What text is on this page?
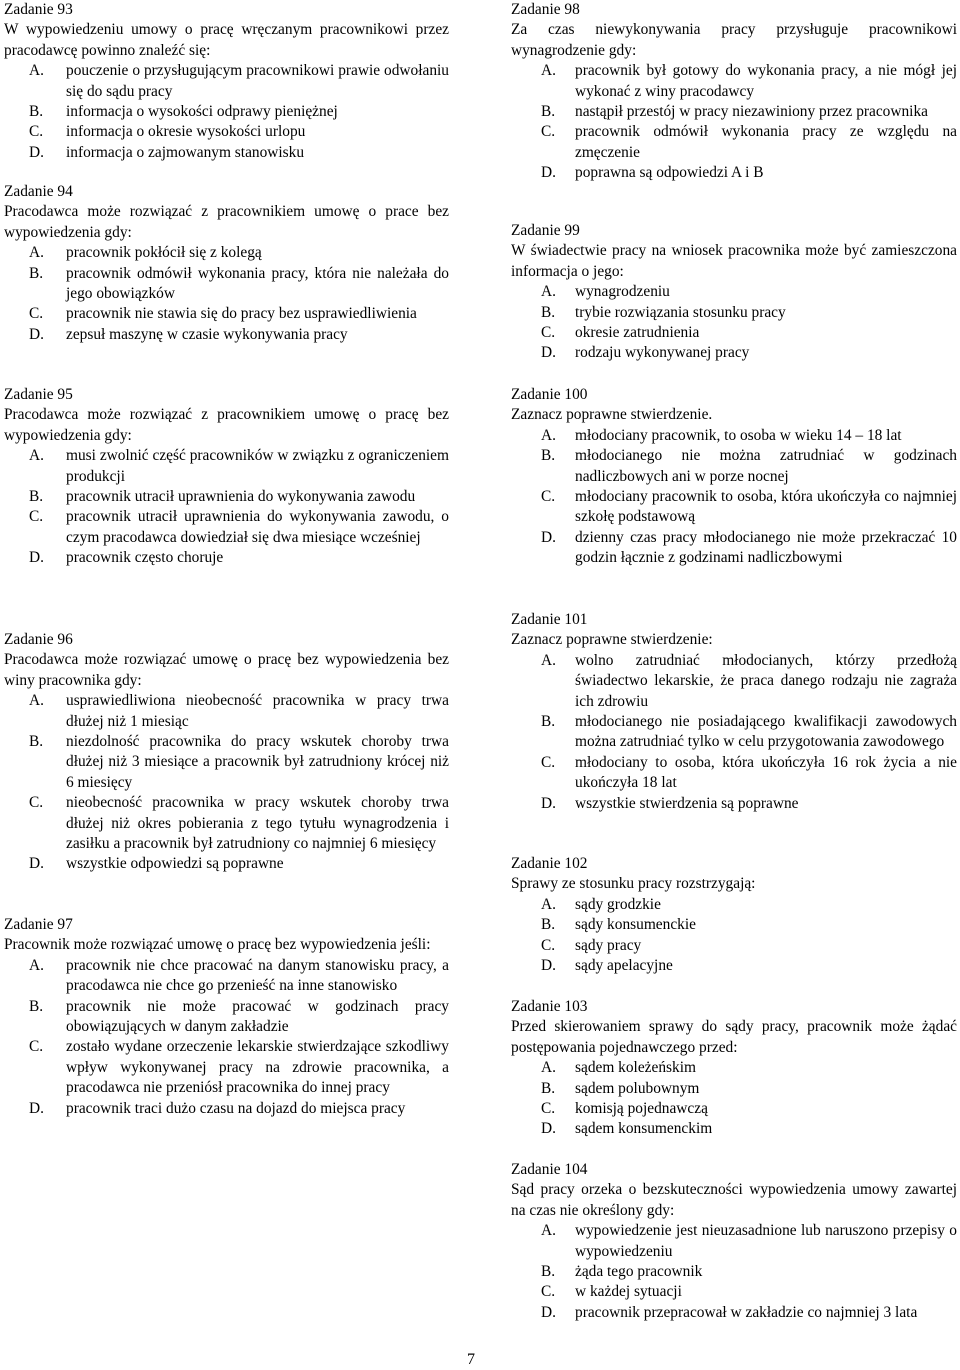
Zadanie 93
W wypowiedzeniu umowy o pracę wręczanym pracownikowi przez pracodawcę powinno znaleźć się:
A.	pouczenie o przysługującym pracownikowi prawie odwołaniu się do sądu pracy
B.	informacja o wysokości odprawy pieniężnej
C.	informacja o okresie wysokości urlopu
D.	informacja o zajmowanym stanowisku
Zadanie 94
Pracodawca może rozwiązać z pracownikiem umowę o prace bez wypowiedzenia gdy:
A.	pracownik pokłócił się z kolegą
B.	pracownik odmówił wykonania pracy, która nie należała do jego obowiązków
C.	pracownik nie stawia się do pracy bez usprawiedliwienia
D.	zepsuł maszynę w czasie wykonywania pracy
Zadanie 95
Pracodawca może rozwiązać z pracownikiem umowę o pracę bez wypowiedzenia gdy:
A.	musi zwolnić część pracowników w związku z ograniczeniem produkcji
B.	pracownik utracił uprawnienia do wykonywania zawodu
C.	pracownik utracił uprawnienia do wykonywania zawodu, o czym pracodawca dowiedział się dwa miesiące wcześniej
D.	pracownik często choruje
Zadanie 96
Pracodawca może rozwiązać umowę o pracę bez wypowiedzenia bez winy pracownika gdy:
A.	usprawiedliwiona nieobecność pracownika w pracy trwa dłużej niż 1 miesiąc
B.	niezdolność pracownika do pracy wskutek choroby trwa dłużej niż 3 miesiące a pracownik był zatrudniony krócej niż 6 miesięcy
C.	nieobecność pracownika w pracy wskutek choroby trwa dłużej niż okres pobierania z tego tytułu wynagrodzenia i zasiłku a pracownik był zatrudniony co najmniej 6 miesięcy
D.	wszystkie odpowiedzi są poprawne
Zadanie 97
Pracownik może rozwiązać umowę o pracę bez wypowiedzenia jeśli:
A.	pracownik nie chce pracować na danym stanowisku pracy, a pracodawca nie chce go przenieść na inne stanowisko
B.	pracownik nie może pracować w godzinach pracy obowiązujących w danym zakładzie
C.	zostało wydane orzeczenie lekarskie stwierdzające szkodliwy wpływ wykonywanej pracy na zdrowie pracownika, a pracodawca nie przeniósł pracownika do innej pracy
D.	pracownik traci dużo czasu na dojazd do miejsca pracy
Zadanie 98
Za czas niewykonywania pracy przysługuje pracownikowi wynagrodzenie gdy:
A.	pracownik był gotowy do wykonania pracy, a nie mógł jej wykonać z winy pracodawcy
B.	nastąpił przestój w pracy niezawiniony przez pracownika
C.	pracownik odmówił wykonania pracy ze względu na zmęczenie
D.	poprawna są odpowiedzi A i B
Zadanie 99
W świadectwie pracy na wniosek pracownika może być zamieszczona informacja o jego:
A.	wynagrodzeniu
B.	trybie rozwiązania stosunku pracy
C.	okresie zatrudnienia
D.	rodzaju wykonywanej pracy
Zadanie 100
Zaznacz poprawne stwierdzenie.
A.	młodociany pracownik, to osoba w wieku 14 – 18 lat
B.	młodocianego nie można zatrudniać w godzinach nadliczbowych ani w porze nocnej
C.	młodociany pracownik to osoba, która ukończyła co najmniej szkołę podstawową
D.	dzienny czas pracy młodocianego nie może przekraczać 10 godzin łącznie z godzinami nadliczbowymi
Zadanie 101
Zaznacz poprawne stwierdzenie:
A.	wolno zatrudniać młodocianych, którzy przedłożą świadectwo lekarskie, że praca danego rodzaju nie zagraża ich zdrowiu
B.	młodocianego nie posiadającego kwalifikacji zawodowych można zatrudniać tylko w celu przygotowania zawodowego
C.	młodociany to osoba, która ukończyła 16 rok życia a nie ukończyła 18 lat
D.	wszystkie stwierdzenia są poprawne
Zadanie 102
Sprawy ze stosunku pracy rozstrzygają:
A.	sądy grodzkie
B.	sądy konsumenckie
C.	sądy pracy
D.	sądy apelacyjne
Zadanie 103
Przed skierowaniem sprawy do sądy pracy, pracownik może żądać postępowania pojednawczego przed:
A.	sądem koleżeńskim
B.	sądem polubownym
C.	komisją pojednawczą
D.	sądem konsumenckim
Zadanie 104
Sąd pracy orzeka o bezskuteczności wypowiedzenia umowy zawartej na czas nie określony gdy:
A.	wypowiedzenie jest nieuzasadnione lub naruszono przepisy o wypowiedzeniu
B.	żąda tego pracownik
C.	w każdej sytuacji
D.	pracownik przepracował w zakładzie co najmniej 3 lata
7
